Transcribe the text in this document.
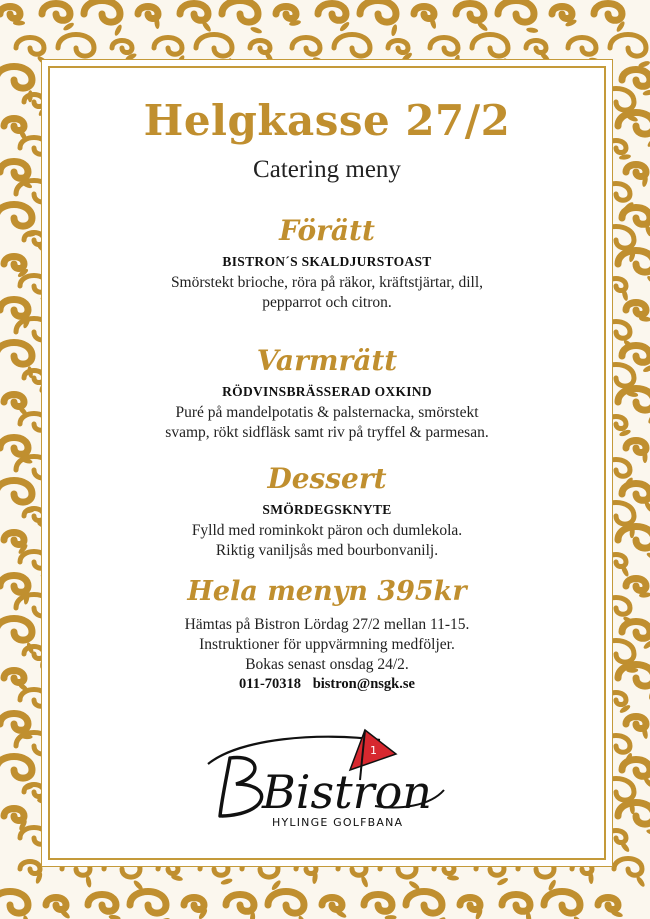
Helgkasse 27/2
Catering meny
Förätt
BISTRON´S SKALDJURSTOAST
Smörstekt brioche, röra på räkor, kräftstjärtar, dill,
pepparrot och citron.
Varmrätt
RÖDVINSBRÄSSERAD OXKIND
Puré på mandelpotatis & palsternacka, smörstekt
svamp, rökt sidfläsk samt riv på tryffel & parmesan.
Dessert
SMÖRDEGSKNYTE
Fylld med rominkokt päron och dumlekola.
Riktig vaniljsås med bourbonvanilj.
Hela menyn 395kr
Hämtas på Bistron Lördag 27/2 mellan 11-15.
Instruktioner för uppvärmning medföljer.
Bokas senast onsdag 24/2.
011-70318 bistron@nsgk.se
1
Bistron
HYLINGE GOLFBANA
